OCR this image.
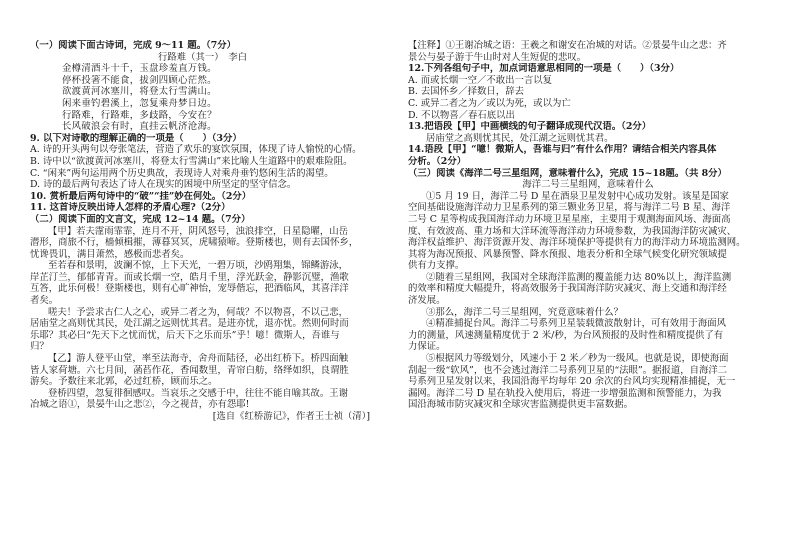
（一）阅读下面古诗词，完成 9～11 题。（7分）
行路难（其一）　李白
金樽清酒斗十千，玉盘珍羞直万钱。
停杯投箸不能食，拔剑四顾心茫然。
欲渡黄河冰塞川，将登太行雪满山。
闲来垂钓碧溪上，忽复乘舟梦日边。
行路难，行路难，多歧路，今安在？
长风破浪会有时，直挂云帆济沧海。
9. 以下对诗歌的理解正确的一项是（　　）（3分）
A. 诗的开头两句以夸张笔法，营造了欢乐的宴饮氛围，体现了诗人愉悦的心情。
B. 诗中以“欲渡黄河冰塞川，将登太行雪满山”来比喻人生道路中的艰难险阻。
C. “闲来”两句运用两个历史典故，表现诗人对乘舟垂钓悠闲生活的渴望。
D. 诗的最后两句表达了诗人在现实的困境中所坚定的坚守信念。
10. 赏析最后两句诗中的“破”“挂”妙在何处。（2分）
11. 这首诗反映出诗人怎样的矛盾心理?（2分）
（二）阅读下面的文言文，完成 12~14 题。（7分）
【甲】若夫霪雨霏霏，连月不开，阴风怒号，浊浪排空，日星隐曜，山岳
潜形，商旅不行，樯倾楫摧，薄暮冥冥，虎啸猿啼。登斯楼也，则有去国怀乡，
忧谗畏讥，满目萧然，感极而悲者矣。
至若春和景明，波澜不惊，上下天光，一碧万顷，沙鸥翔集，锦鳞游泳，
岸芷汀兰，郁郁青青。而或长烟一空，皓月千里，浮光跃金，静影沉璧，渔歌
互答，此乐何极！登斯楼也，则有心旷神怡，宠辱偕忘，把酒临风，其喜洋洋
者矣。
嗟夫！予尝求古仁人之心，或异二者之为，何哉？不以物喜，不以己悲，
居庙堂之高则忧其民，处江湖之远则忧其君。是进亦忧，退亦忧。然则何时而
乐耶？其必曰“先天下之忧而忧，后天下之乐而乐”乎！噫！微斯人，吾谁与
归？
【乙】游人登平山堂，率至法海寺，舍舟而陆径，必出红桥下。桥四面触
皆人家荷塘。六七月间，菡萏作花，香闻数里，青帘白舫，络绎如织，良谓胜
游矣。予数往来北郭，必过红桥，顾而乐之。
登桥四望，忽复徘徊感叹。当哀乐之交感于中，往往不能自喻其故。王谢
冶城之语①，景晏牛山之悲②，今之视昔，亦有怨耶!
[选自《红桥游记》，作者王士祯（清）]
【注释】①王谢冶城之语：王羲之和谢安在冶城的对话。②景晏牛山之悲：齐
景公与晏子游于牛山时对人生短促的悲叹。
12.下列各组句子中，加点词语意思相同的一项是（　　）（3分）
A. 而或长烟一空／不敢出一言以复
B. 去国怀乡／择数日，辞去
C. 或异二者之为／或以为死，或以为亡
D. 不以物喜／春石底以出
13.把语段【甲】中画横线的句子翻译成现代汉语。（2分）
居庙堂之高则忧其民，处江湖之远则忧其君。
14.语段【甲】“噫！微斯人，吾谁与归”有什么作用？请结合相关内容具体
分析。（2分）
（三）阅读《海洋二号三星组网，意味着什么》，完成 15~18题。（共 8分）
海洋二号三星组网，意味着什么
①5 月 19 日，海洋二号 D 星在酒泉卫星发射中心成功发射。该星是国家
空间基础设施海洋动力卫星系列的第三颗业务卫星，将与海洋二号 B 星、海洋
二号 C 星等构成我国海洋动力环境卫星星座，主要用于观测海面风场、海面高
度、有效波高、重力场和大洋环流等海洋动力环境参数，为我国海洋防灾减灾、
海洋权益维护、海洋资源开发、海洋环境保护等提供有力的海洋动力环境监测网。
其将为海况预报、风暴预警、降水预报、地表分析和全球气候变化研究领域提
供有力支撑。
②随着三星组网，我国对全球海洋监测的覆盖能力达 80%以上，海洋监测
的效率和精度大幅提升，将高效服务于我国海洋防灾减灾、海上交通和海洋经
济发展。
③那么，海洋二号三星组网，究竟意味着什么？
④精准捕捉台风。海洋二号系列卫星装载微波散射计，可有效用于海面风
力的测量，风速测量精度优于 2 米/秒，为台风预报的及时性和精度提供了有
力保证。
⑤根据风力等级划分，风速小于 2 米／秒为一级风。也就是说，即使海面
刮起一级“软风”，也不会逃过海洋二号系列卫星的“法眼”。据报道，自海洋二
号系列卫星发射以来，我国沿海平均每年 20 余次的台风均实现精准捕捉，无一
漏网。海洋二号 D 星在轨投入使用后，将进一步增强监测和预警能力，为我
国沿海城市防灾减灾和全球灾害监测提供更丰富数据。
